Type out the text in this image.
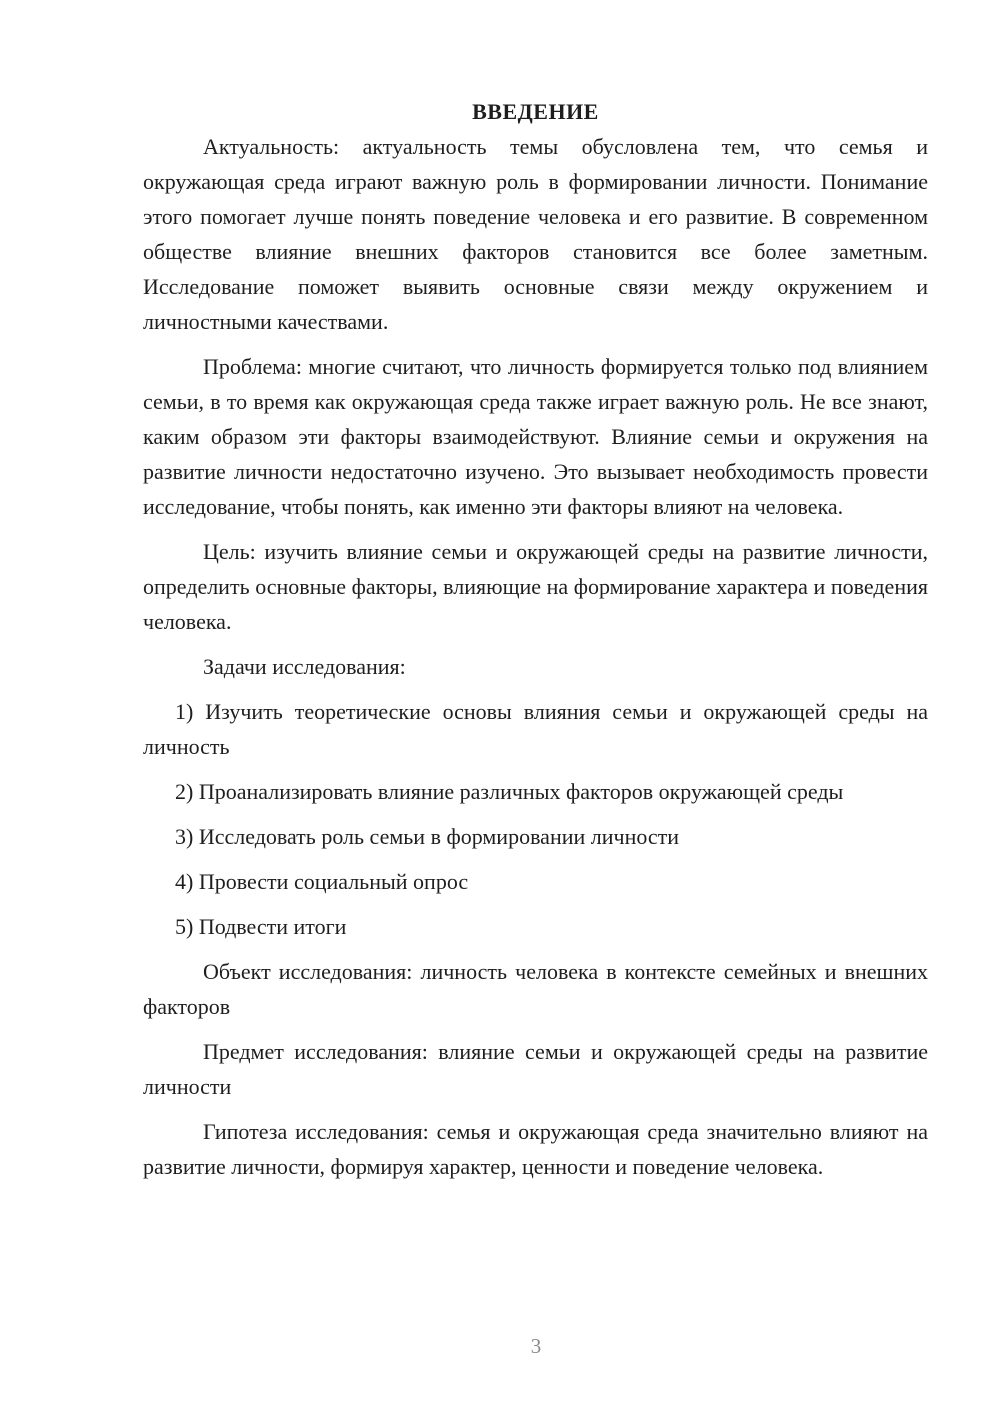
ВВЕДЕНИЕ

Актуальность: актуальность темы обусловлена тем, что семья и окружающая среда играют важную роль в формировании личности. Понимание этого помогает лучше понять поведение человека и его развитие. В современном обществе влияние внешних факторов становится все более заметным. Исследование поможет выявить основные связи между окружением и личностными качествами.

Проблема: многие считают, что личность формируется только под влиянием семьи, в то время как окружающая среда также играет важную роль. Не все знают, каким образом эти факторы взаимодействуют. Влияние семьи и окружения на развитие личности недостаточно изучено. Это вызывает необходимость провести исследование, чтобы понять, как именно эти факторы влияют на человека.

Цель: изучить влияние семьи и окружающей среды на развитие личности, определить основные факторы, влияющие на формирование характера и поведения человека.

Задачи исследования:

1) Изучить теоретические основы влияния семьи и окружающей среды на личность

2) Проанализировать влияние различных факторов окружающей среды

3) Исследовать роль семьи в формировании личности

4) Провести социальный опрос

5) Подвести итоги

Объект исследования: личность человека в контексте семейных и внешних факторов

Предмет исследования: влияние семьи и окружающей среды на развитие личности

Гипотеза исследования: семья и окружающая среда значительно влияют на развитие личности, формируя характер, ценности и поведение человека.

3
